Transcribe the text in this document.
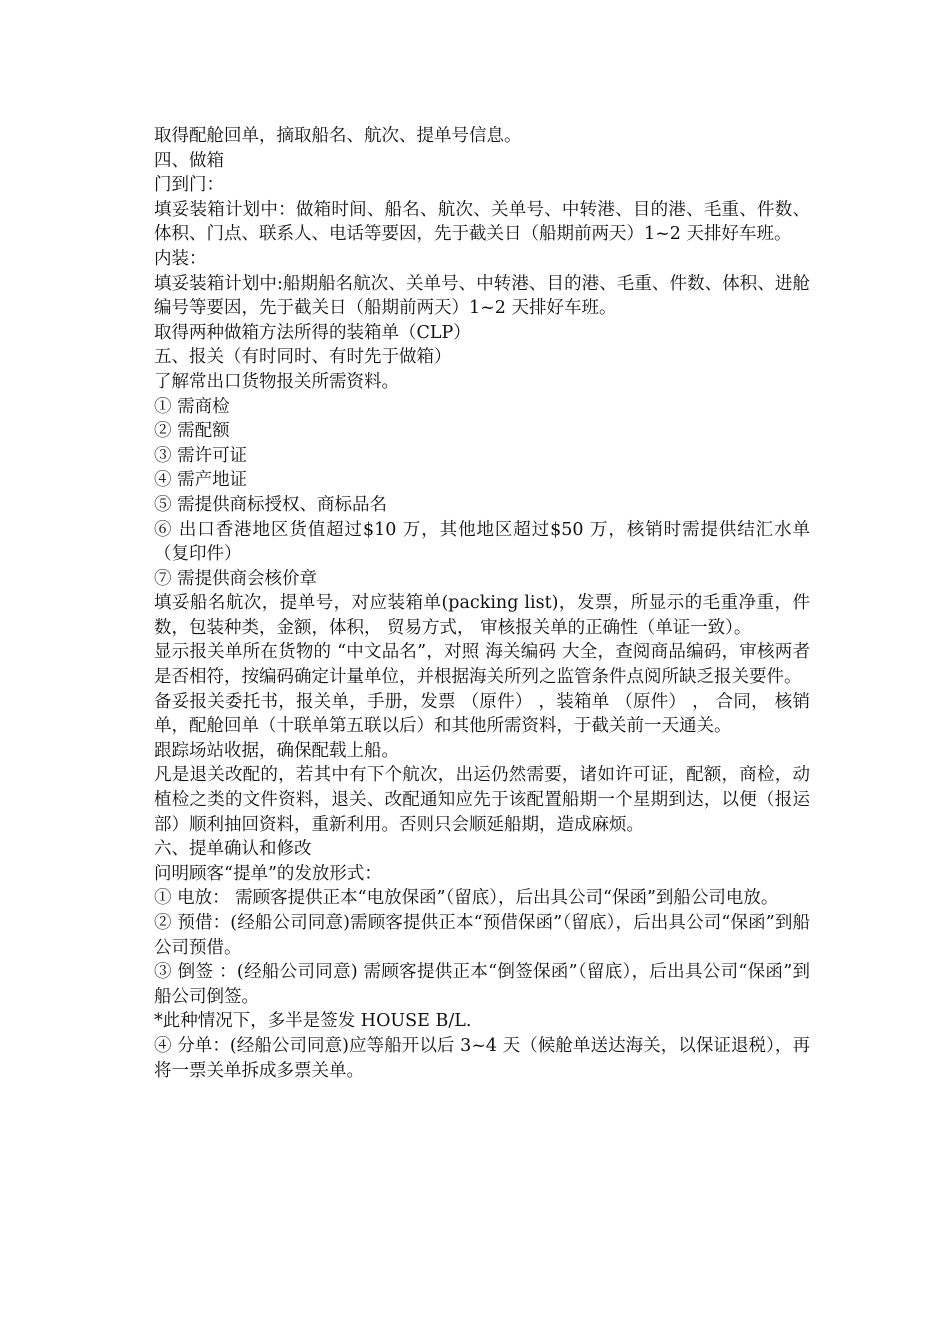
取得配舱回单，摘取船名、航次、提单号信息。
四、做箱
门到门：
填妥装箱计划中：做箱时间、船名、航次、关单号、中转港、目的港、毛重、件数、体积、门点、联系人、电话等要因，先于截关日（船期前两天）1~2 天排好车班。
内装：
填妥装箱计划中:船期船名航次、关单号、中转港、目的港、毛重、件数、体积、进舱编号等要因，先于截关日（船期前两天）1~2 天排好车班。
取得两种做箱方法所得的装箱单（CLP）
五、报关（有时同时、有时先于做箱）
了解常出口货物报关所需资料。
① 需商检
② 需配额
③ 需许可证
④ 需产地证
⑤ 需提供商标授权、商标品名
⑥ 出口香港地区货值超过$10 万，其他地区超过$50 万，核销时需提供结汇水单（复印件）
⑦ 需提供商会核价章
填妥船名航次，提单号，对应装箱单(packing list)，发票，所显示的毛重净重，件数，包装种类，金额，体积， 贸易方式， 审核报关单的正确性（单证一致）。
显示报关单所在货物的 “中文品名”，对照 海关编码 大全，查阅商品编码，审核两者是否相符，按编码确定计量单位，并根据海关所列之监管条件点阅所缺乏报关要件。
备妥报关委托书，报关单，手册，发票 （原件） ，装箱单 （原件） ， 合同， 核销单，配舱回单（十联单第五联以后）和其他所需资料，于截关前一天通关。
跟踪场站收据，确保配载上船。
凡是退关改配的，若其中有下个航次，出运仍然需要，诸如许可证，配额，商检，动植检之类的文件资料，退关、改配通知应先于该配置船期一个星期到达，以便（报运部）顺利抽回资料，重新利用。否则只会顺延船期，造成麻烦。
六、提单确认和修改
问明顾客“提单”的发放形式：
① 电放： 需顾客提供正本“电放保函”（留底），后出具公司“保函”到船公司电放。
② 预借：(经船公司同意)需顾客提供正本“预借保函”（留底），后出具公司“保函”到船公司预借。
③ 倒签 ：(经船公司同意) 需顾客提供正本“倒签保函”（留底），后出具公司“保函”到船公司倒签。
*此种情况下，多半是签发 HOUSE B/L.
④ 分单：(经船公司同意)应等船开以后 3~4 天（候舱单送达海关，以保证退税），再将一票关单拆成多票关单。
